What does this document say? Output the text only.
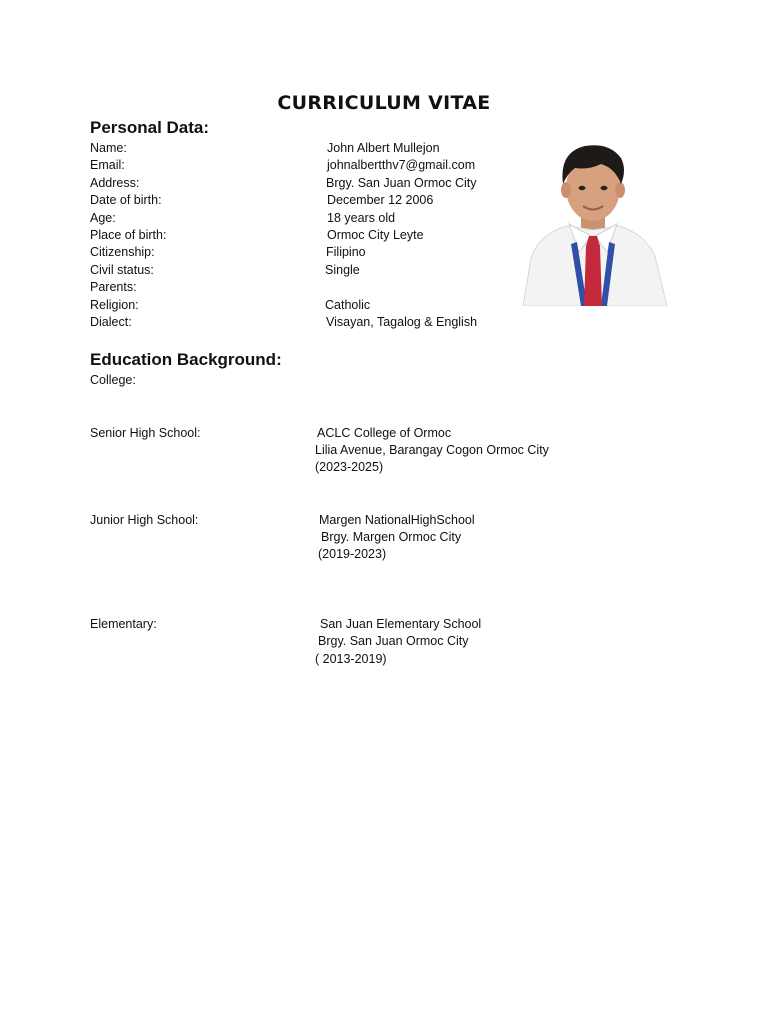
CURRICULUM VITAE
Personal Data:
Name:	John Albert Mullejon
Email:	johnalbertthv7@gmail.com
Address:	Brgy. San Juan Ormoc City
Date of birth:	December 12 2006
Age:	18 years old
Place of birth:	Ormoc City Leyte
Citizenship:	Filipino
Civil status:	Single
Parents:
Religion:	Catholic
Dialect:	Visayan, Tagalog & English
Education Background:
College:
Senior High School:	ACLC College of Ormoc
Lilia Avenue, Barangay Cogon Ormoc City
(2023-2025)
Junior High School:	Margen NationalHighSchool
Brgy. Margen Ormoc City
(2019-2023)
Elementary:	San Juan Elementary School
Brgy. San Juan Ormoc City
( 2013-2019)
